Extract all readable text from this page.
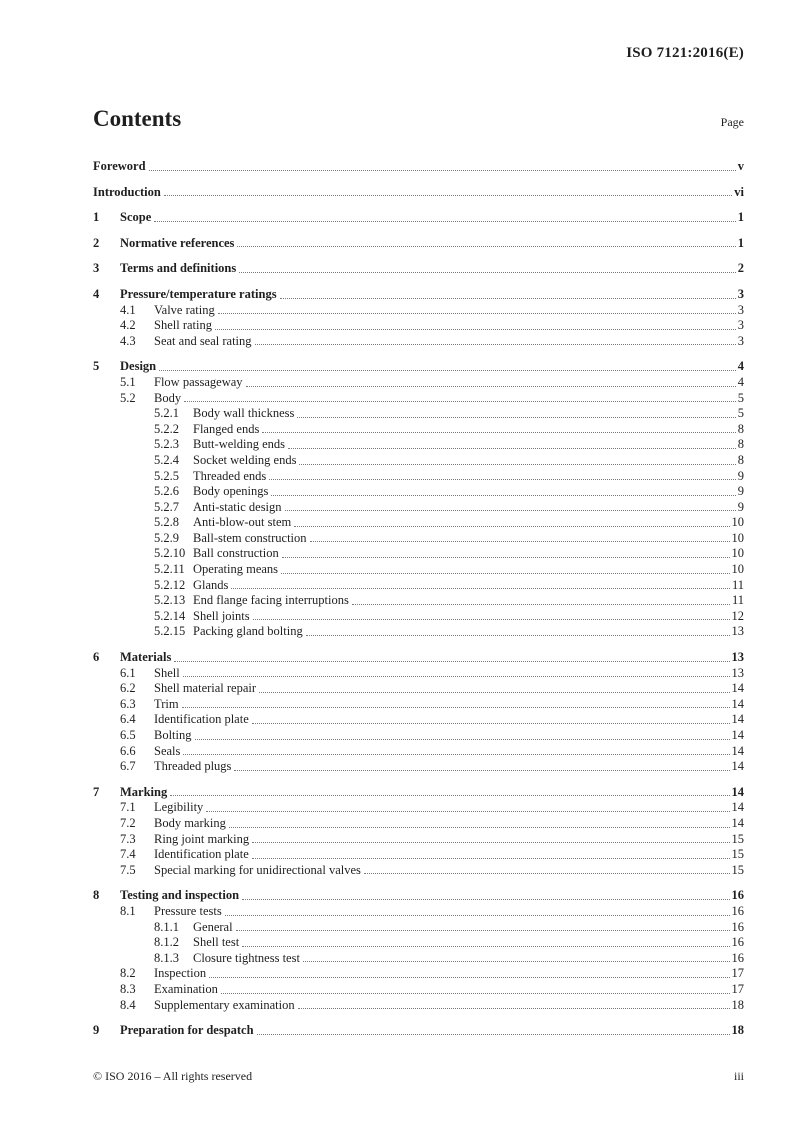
ISO 7121:2016(E)
Contents	Page
Foreword	v
Introduction	vi
1	Scope	1
2	Normative references	1
3	Terms and definitions	2
4	Pressure/temperature ratings	3
4.1	Valve rating	3
4.2	Shell rating	3
4.3	Seat and seal rating	3
5	Design	4
5.1	Flow passageway	4
5.2	Body	5
5.2.1	Body wall thickness	5
5.2.2	Flanged ends	8
5.2.3	Butt-welding ends	8
5.2.4	Socket welding ends	8
5.2.5	Threaded ends	9
5.2.6	Body openings	9
5.2.7	Anti-static design	9
5.2.8	Anti-blow-out stem	10
5.2.9	Ball-stem construction	10
5.2.10 Ball construction	10
5.2.11 Operating means	10
5.2.12 Glands	11
5.2.13 End flange facing interruptions	11
5.2.14 Shell joints	12
5.2.15 Packing gland bolting	13
6	Materials	13
6.1	Shell	13
6.2	Shell material repair	14
6.3	Trim	14
6.4	Identification plate	14
6.5	Bolting	14
6.6	Seals	14
6.7	Threaded plugs	14
7	Marking	14
7.1	Legibility	14
7.2	Body marking	14
7.3	Ring joint marking	15
7.4	Identification plate	15
7.5	Special marking for unidirectional valves	15
8	Testing and inspection	16
8.1	Pressure tests	16
8.1.1	General	16
8.1.2	Shell test	16
8.1.3	Closure tightness test	16
8.2	Inspection	17
8.3	Examination	17
8.4	Supplementary examination	18
9	Preparation for despatch	18
© ISO 2016 – All rights reserved	iii
